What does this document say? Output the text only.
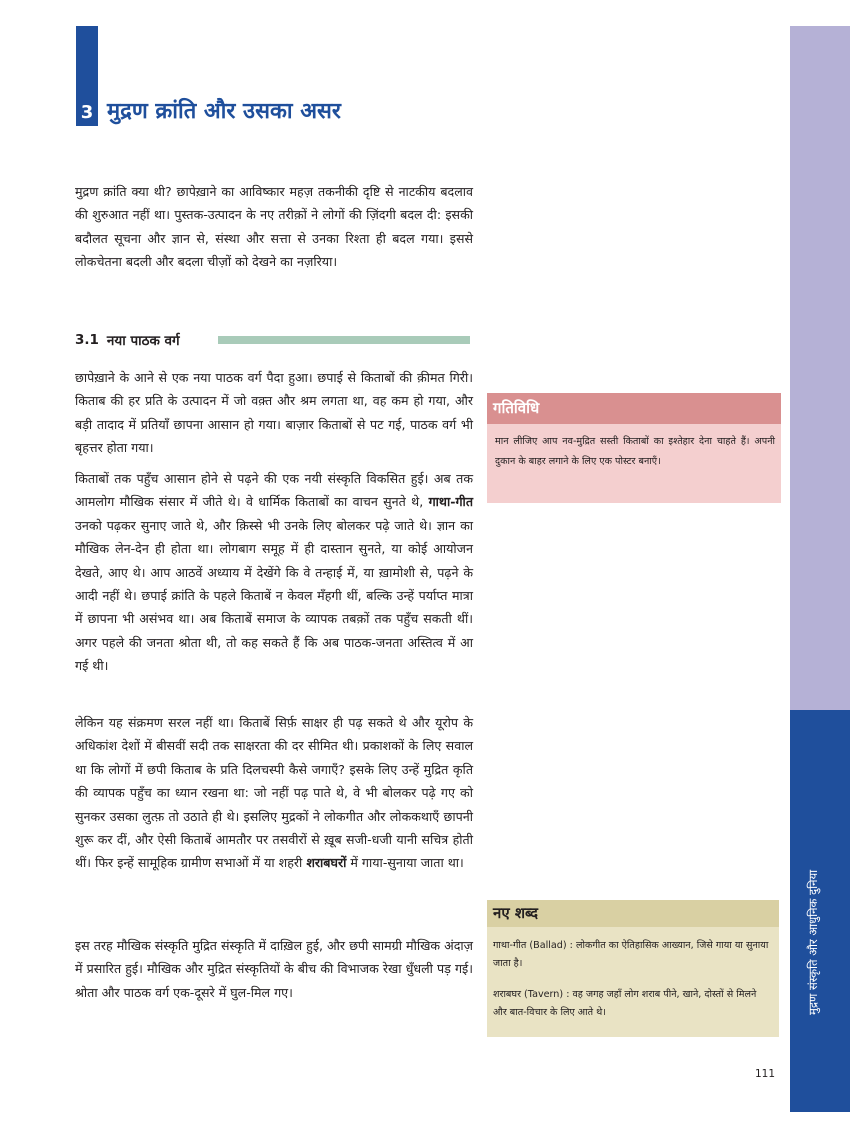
3 मुद्रण क्रांति और उसका असर

मुद्रण क्रांति क्या थी? छापेख़ाने का आविष्कार महज़ तकनीकी दृष्टि से नाटकीय बदलाव की शुरुआत नहीं था। पुस्तक-उत्पादन के नए तरीक़ों ने लोगों की ज़िंदगी बदल दी: इसकी बदौलत सूचना और ज्ञान से, संस्था और सत्ता से उनका रिश्ता ही बदल गया। इससे लोकचेतना बदली और बदला चीज़ों को देखने का नज़रिया।

3.1 नया पाठक वर्ग

छापेख़ाने के आने से एक नया पाठक वर्ग पैदा हुआ। छपाई से किताबों की क़ीमत गिरी। किताब की हर प्रति के उत्पादन में जो वक़्त और श्रम लगता था, वह कम हो गया, और बड़ी तादाद में प्रतियाँ छापना आसान हो गया। बाज़ार किताबों से पट गई, पाठक वर्ग भी बृहत्तर होता गया।

किताबों तक पहुँच आसान होने से पढ़ने की एक नयी संस्कृति विकसित हुई। अब तक आमलोग मौखिक संसार में जीते थे। वे धार्मिक किताबों का वाचन सुनते थे, गाथा-गीत उनको पढ़कर सुनाए जाते थे, और क़िस्से भी उनके लिए बोलकर पढ़े जाते थे। ज्ञान का मौखिक लेन-देन ही होता था। लोगबाग समूह में ही दास्तान सुनते, या कोई आयोजन देखते, आए थे। आप आठवें अध्याय में देखेंगे कि वे तन्हाई में, या ख़ामोशी से, पढ़ने के आदी नहीं थे। छपाई क्रांति के पहले किताबें न केवल मँहगी थीं, बल्कि उन्हें पर्याप्त मात्रा में छापना भी असंभव था। अब किताबें समाज के व्यापक तबक़ों तक पहुँच सकती थीं। अगर पहले की जनता श्रोता थी, तो कह सकते हैं कि अब पाठक-जनता अस्तित्व में आ गई थी।

लेकिन यह संक्रमण सरल नहीं था। किताबें सिर्फ़ साक्षर ही पढ़ सकते थे और यूरोप के अधिकांश देशों में बीसवीं सदी तक साक्षरता की दर सीमित थी। प्रकाशकों के लिए सवाल था कि लोगों में छपी किताब के प्रति दिलचस्पी कैसे जगाएँ? इसके लिए उन्हें मुद्रित कृति की व्यापक पहुँच का ध्यान रखना था: जो नहीं पढ़ पाते थे, वे भी बोलकर पढ़े गए को सुनकर उसका लुत्फ़ तो उठाते ही थे। इसलिए मुद्रकों ने लोकगीत और लोककथाएँ छापनी शुरू कर दीं, और ऐसी किताबें आमतौर पर तसवीरों से ख़ूब सजी-धजी यानी सचित्र होती थीं। फिर इन्हें सामूहिक ग्रामीण सभाओं में या शहरी शराबघरों में गाया-सुनाया जाता था।

इस तरह मौखिक संस्कृति मुद्रित संस्कृति में दाख़िल हुई, और छपी सामग्री मौखिक अंदाज़ में प्रसारित हुई। मौखिक और मुद्रित संस्कृतियों के बीच की विभाजक रेखा धुँधली पड़ गई। श्रोता और पाठक वर्ग एक-दूसरे में घुल-मिल गए।

गतिविधि

मान लीजिए आप नव-मुद्रित सस्ती किताबों का इश्तेहार देना चाहते हैं। अपनी दुकान के बाहर लगाने के लिए एक पोस्टर बनाएँ।

नए शब्द

गाथा-गीत (Ballad) : लोकगीत का ऐतिहासिक आख्यान, जिसे गाया या सुनाया जाता है।

शराबघर (Tavern) : वह जगह जहाँ लोग शराब पीने, खाने, दोस्तों से मिलने और बात-विचार के लिए आते थे।	मुद्रण संस्कृति और आधुनिक दुनिया
111
